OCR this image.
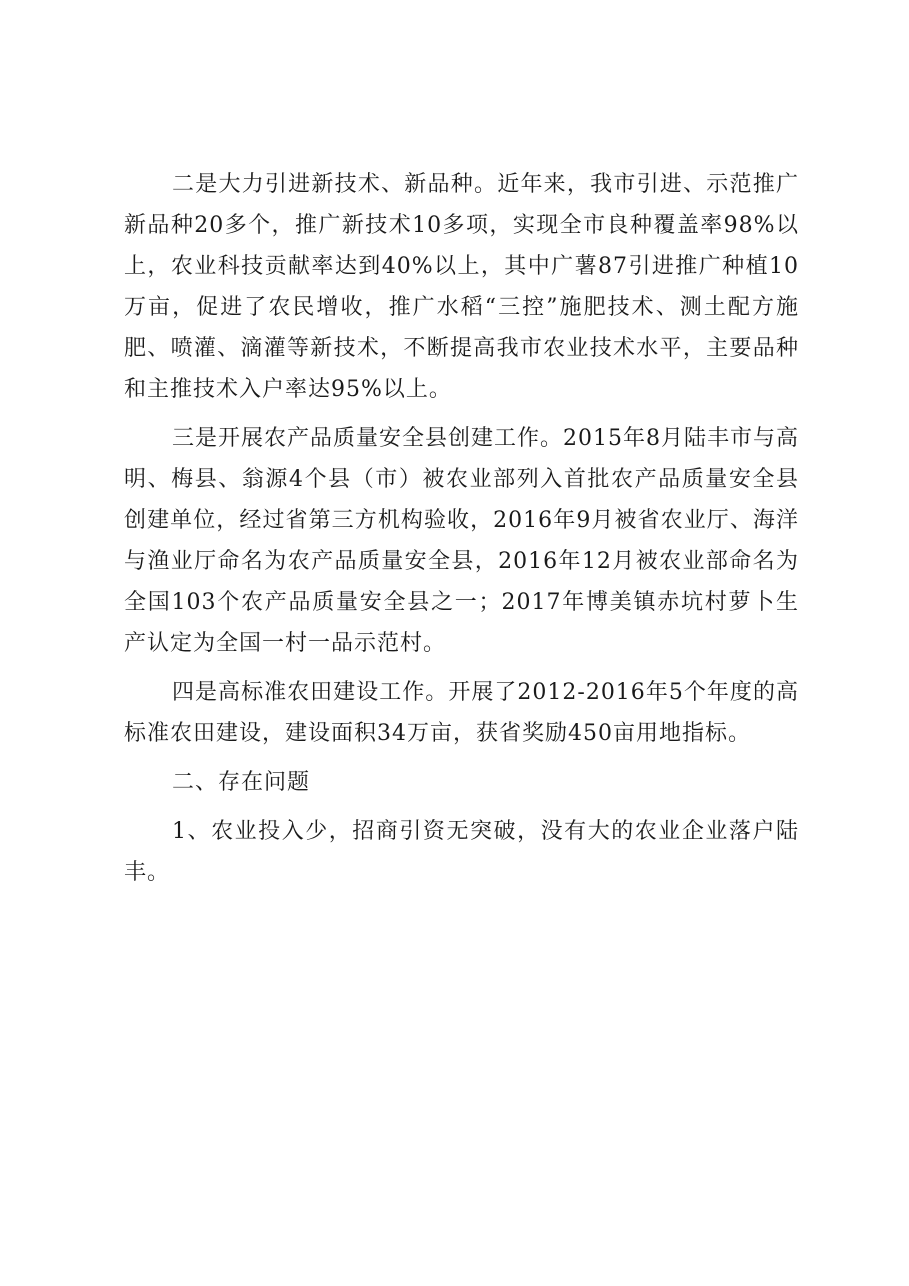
二是大力引进新技术、新品种。近年来，我市引进、示范推广新品种20多个，推广新技术10多项，实现全市良种覆盖率98%以上，农业科技贡献率达到40%以上，其中广薯87引进推广种植10万亩，促进了农民增收，推广水稻“三控”施肥技术、测土配方施肥、喷灌、滴灌等新技术，不断提高我市农业技术水平，主要品种和主推技术入户率达95%以上。

三是开展农产品质量安全县创建工作。2015年8月陆丰市与高明、梅县、翁源4个县（市）被农业部列入首批农产品质量安全县创建单位，经过省第三方机构验收，2016年9月被省农业厅、海洋与渔业厅命名为农产品质量安全县，2016年12月被农业部命名为全国103个农产品质量安全县之一；2017年博美镇赤坑村萝卜生产认定为全国一村一品示范村。

四是高标准农田建设工作。开展了2012-2016年5个年度的高标准农田建设，建设面积34万亩，获省奖励450亩用地指标。

二、存在问题

1、农业投入少，招商引资无突破，没有大的农业企业落户陆丰。
